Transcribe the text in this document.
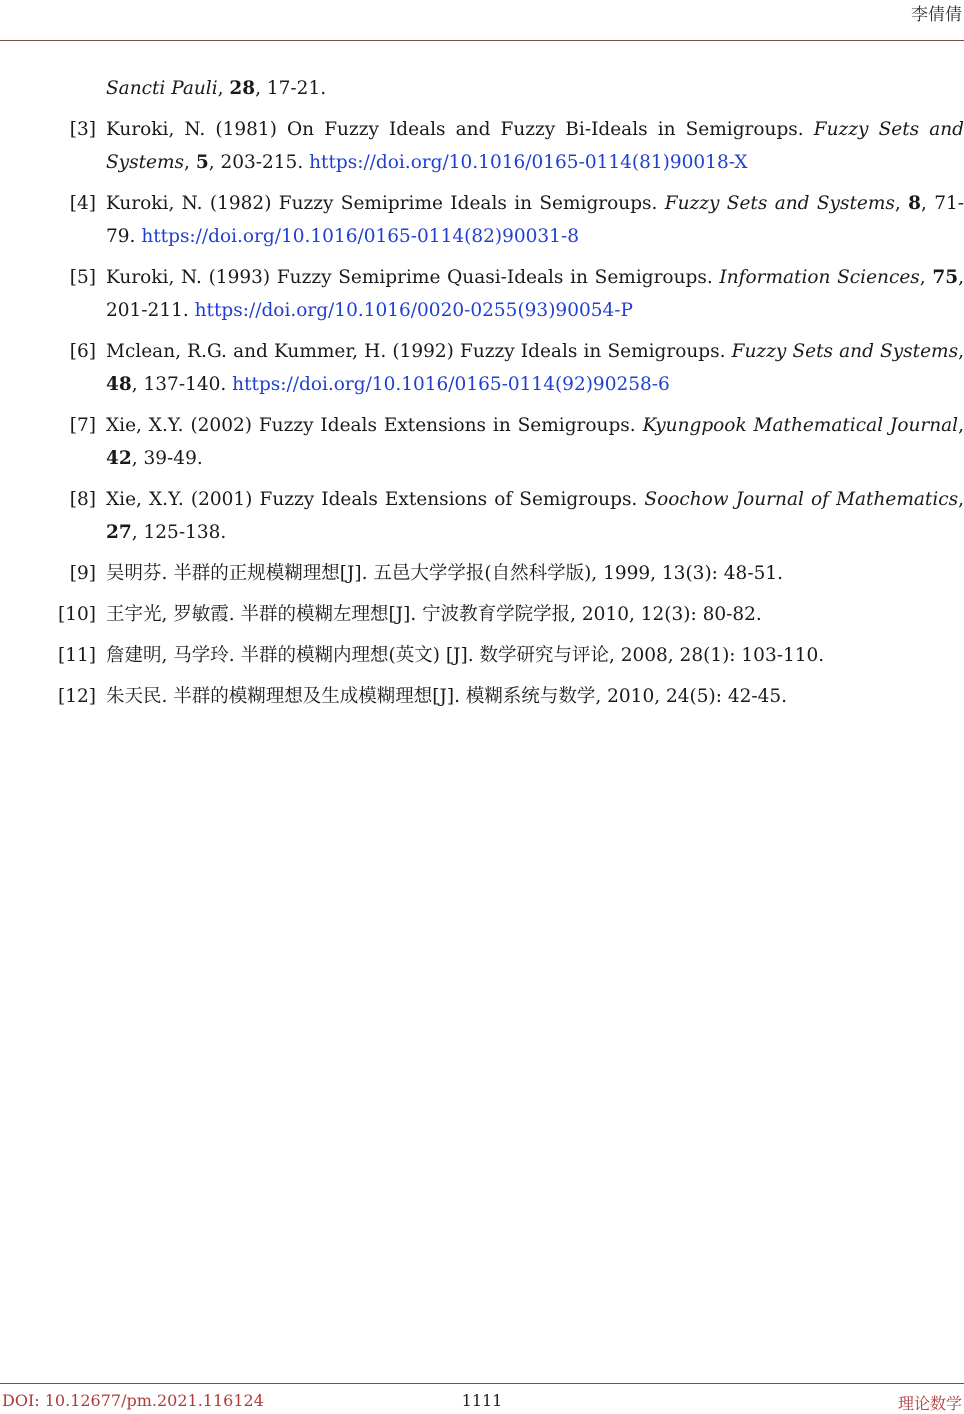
李倩倩
Sancti Pauli, 28, 17-21.
[3] Kuroki, N. (1981) On Fuzzy Ideals and Fuzzy Bi-Ideals in Semigroups. Fuzzy Sets and Systems, 5, 203-215. https://doi.org/10.1016/0165-0114(81)90018-X
[4] Kuroki, N. (1982) Fuzzy Semiprime Ideals in Semigroups. Fuzzy Sets and Systems, 8, 71-79. https://doi.org/10.1016/0165-0114(82)90031-8
[5] Kuroki, N. (1993) Fuzzy Semiprime Quasi-Ideals in Semigroups. Information Sciences, 75, 201-211. https://doi.org/10.1016/0020-0255(93)90054-P
[6] Mclean, R.G. and Kummer, H. (1992) Fuzzy Ideals in Semigroups. Fuzzy Sets and Systems, 48, 137-140. https://doi.org/10.1016/0165-0114(92)90258-6
[7] Xie, X.Y. (2002) Fuzzy Ideals Extensions in Semigroups. Kyungpook Mathematical Journal, 42, 39-49.
[8] Xie, X.Y. (2001) Fuzzy Ideals Extensions of Semigroups. Soochow Journal of Mathematics, 27, 125-138.
[9] 吴明芬. 半群的正规模糊理想[J]. 五邑大学学报(自然科学版), 1999, 13(3): 48-51.
[10] 王宇光, 罗敏霞. 半群的模糊左理想[J]. 宁波教育学院学报, 2010, 12(3): 80-82.
[11] 詹建明, 马学玲. 半群的模糊内理想(英文) [J]. 数学研究与评论, 2008, 28(1): 103-110.
[12] 朱天民. 半群的模糊理想及生成模糊理想[J]. 模糊系统与数学, 2010, 24(5): 42-45.
DOI: 10.12677/pm.2021.116124	1111	理论数学
